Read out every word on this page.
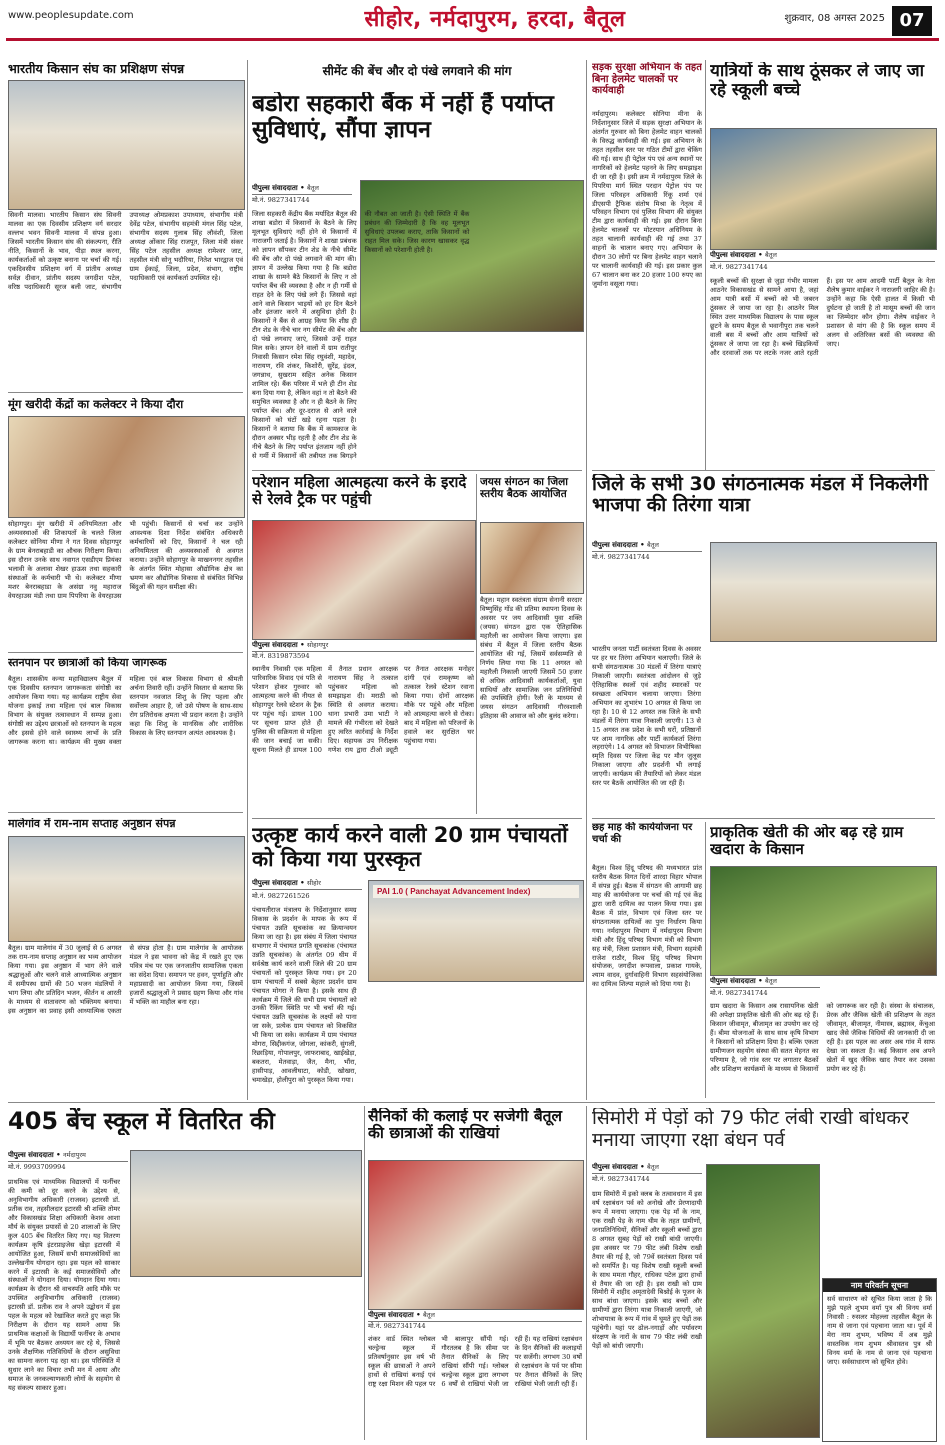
www.peoplesupdate.com	सीहोर, नर्मदापुरम, हरदा, बैतूल	शुक्रवार, 08 अगस्त 2025 07
भारतीय किसान संघ का प्रशिक्षण संपन्न

सिवनी मालवा। भारतीय किसान संघ सिवनी मालवा का एक दिवसीय प्रशिक्षण वर्ग सरदार वल्लभ भवन सिवनी मालवा में संपन्न हुआ। जिसमें भारतीय किसान संघ की संकल्पना, रीति नीति, किसानों के भाव, पीड़ा स्थल करना, कार्यकर्ताओं को उत्कृष्ट बनाना पर चर्चा की गई। एकदिवसीय प्रशिक्षण वर्ग में प्रांतीय अध्यक्ष सर्वज्ञ दीवान, प्रांतीय सदस्य जगदीश पटेल, वरिष्ठ पदाधिकारी सूरज बली जाट, संभागीय उपाध्यक्ष ओमप्रकाश उपाध्याय, संभागीय मंत्री देवेंद्र पटेल, संभागीय सहमंत्री मंगल सिंह पटेल, संभागीय सदस्य गुलाब सिंह लौवंशी, जिला अध्यक्ष ओंकार सिंह राजपूत, जिला मंत्री संकर सिंह पटेल तहसील अध्यक्ष रामेश्वर जाट, तहसील मंत्री सोनू भदौरिया, नितेश भारद्वाज एवं ग्राम ईकाई, जिला, प्रदेश, संभाग, राष्ट्रीय पदाधिकारी एवं कार्यकर्ता उपस्थित रहे।

मूंग खरीदी केंद्रों का कलेक्टर ने किया दौरा

सोहागपुर। मूंग खरीदी में अनियमितता और अव्यवस्थाओं की शिकायतों के चलते जिला कलेक्टर सोनिया मीणा ने गत दिवस सोहागपुर के ग्राम बेनराबहाडी का औचक निरीक्षण किया। इस दौरान उनके साथ नवागत एसडीएम प्रियंका भलावी के अलावा शेखर हाऊस तथा सहकारी संस्थाओं के कर्मचारी भी थे। कलेक्टर मीणा मशर बेनराबहाडा के असंग्रा नवु महाराज वेयरहाउस मंडी तथा ग्राम पिपरिया के वेयरहाउस भी पहुंची। किसानों से चर्चा कर उन्होंने आवश्यक दिशा निर्देश संबंधित अधिकारी कर्मचारियों को दिए, किसानों ने चल रही अनियमितता की अव्यवस्थाओं से अवगत कराया। उन्होंने सोहागपुर के माखननगर तहसील के अंतर्गत स्थित मोहासा औद्योगिक क्षेत्र का भ्रमण कर औद्योगिक विकास से संबंधित विभिन्न बिंदुओं की गहन समीक्षा की।

स्तनपान पर छात्राओं को किया जागरूक

बैतूल। शासकीय कन्या महाविद्यालय बैतूल में एक दिवसीय स्तनपान जागरूकता संगोष्ठी का आयोजन किया गया। यह कार्यक्रम राष्ट्रीय सेवा योजना इकाई तथा महिला एवं बाल विकास विभाग के संयुक्त तत्वावधान में सम्पन्न हुआ। संगोष्ठी का उद्देश्य छात्राओं को स्तनपान के महत्व और इससे होने वाले स्वास्थ्य लाभों के प्रति जागरूक करना था। कार्यक्रम की मुख्य वक्ता महिला एवं बाल विकास विभाग से श्रीमती अर्चना तिवारी रहीं। उन्होंने विस्तार से बताया कि स्तनपान नवजात शिशु के लिए पहला और सर्वोत्तम आहार है, जो उसे पोषण के साथ-साथ रोग प्रतिरोधक क्षमता भी प्रदान करता है। उन्होंने कहा कि शिशु के मानसिक और शारीरिक विकास के लिए स्तनपान अत्यंत आवश्यक है।

मालेगांव में राम-नाम सप्ताह अनुष्ठान संपन्न

बैतूल। ग्राम मालेगांव में 30 जुलाई से 6 अगस्त तक राम-नाम सप्ताह अनुष्ठान का भव्य आयोजन किया गया। इस अनुष्ठान में भाग लेने वाले श्रद्धालुओं और चलने वाले आध्यात्मिक अनुष्ठान में समीपस्थ ग्रामों की 50 भजन मंडलियों ने भाग लिया और प्रतिदिन भजन, कीर्तन व आरती के माध्यम से वातावरण को भक्तिमय बनाया। इस अनुष्ठान का प्रवाह इसी आध्यात्मिक एकता से संपन्न होता है। ग्राम मालेगांव के आयोजक मंडल ने इस भावना को केंद्र में रखते हुए एक पवित्र मंच पर एक जनजातीय सामाजिक एकता का संदेश दिया। समापन पर हवन, पूर्णाहुति और महाप्रसादी का आयोजन किया गया, जिसमें हजारों श्रद्धालुओं ने प्रसाद ग्रहण किया और गांव में भक्ति का माहौल बना रहा।

सीमेंट की बेंच और दो पंखे लगवाने की मांग
बडोरा सहकारी बैंक में नहीं हैं पर्याप्त सुविधाएं, सौंपा ज्ञापन
पीपुल्स संवाददाता • बैतूल
मो.नं. 9827341744

जिला सहकारी केंद्रीय बैंक मर्यादित बैतूल की शाखा बडोरा में किसानों के बैठने के लिए मूलभूत सुविधाएं नहीं होने से किसानों में नाराजगी जताई है। किसानों ने शाखा प्रबंधक को ज्ञापन सौंपकर टीन शेड के नीचे सीमेंट की बेंच और दो पंखे लगवाने की मांग की। ज्ञापन में उल्लेख किया गया है कि बडोरा शाखा के सामने बैठे किसानों के लिए न तो पर्याप्त बैंच की व्यवस्था है और न ही गर्मी से राहत देने के लिए पंखे लगे हैं। जिससे वहां आने वाले किसान भाइयों को हर दिन बैठने और इंतजार करने में असुविधा होती है। किसानों ने बैंक से आग्रह किया कि शीघ्र ही टीन शेड के नीचे चार नग सीमेंट की बेंच और दो पंखे लगवाए जाएं, जिससे उन्हें राहत मिल सके। ज्ञापन देने वालों में ग्राम रातीपुर निवासी किसान रमेश सिंह रघुवंशी, महादेव, नारायण, रवि शंकर, किशोरी, सुरेंद्र, इंदल, जगन्नाथ, सुखराम सहित अनेक किसान शामिल रहे। बैंक परिसर में भले ही टीन शेड बना दिया गया है, लेकिन वहां न तो बैठने की समुचित व्यवस्था है और न ही बैठने के लिए पर्याप्त बेंच। और दूर-दराज से आने वाले किसानों को घंटों खड़े रहना पड़ता है। किसानों ने बताया कि बैंक में कामकाज के दौरान अक्सर भीड़ रहती है और टीन शेड के नीचे बैठने के लिए पर्याप्त इंतजाम नहीं होने से गर्मी में किसानों की तबीयत तक बिगड़ने की नौबत आ जाती है। ऐसी स्थिति में बैंक प्रबंधन की जिम्मेदारी है कि वह मूलभूत सुविधाएं उपलब्ध कराए, ताकि किसानों को राहत मिल सके। जिस कारण खासकर वृद्ध किसानों को परेशानी होती है।

परेशान महिला आत्महत्या करने के इरादे से रेलवे ट्रैक पर पहुंची
पीपुल्स संवाददाता • सोहागपुर
मो.नं. 8319873594

स्थानीय निवासी एक महिला पारिवारिक विवाद एवं पति से परेशान होकर गुरुवार को आत्महत्या करने की नीयत से सोहागपुर रेलवे स्टेशन के ट्रैक पर पहुंच गई। डायल 100 पर सूचना प्राप्त होते ही पुलिस की सक्रियता से महिला की जान बचाई जा सकी। सूचना मिलते ही डायल 100 में तैनात प्रधान आरक्षक नारायण सिंह ने तत्काल पहुंचकर महिला को समझाइश दी। मराठी को स्थिति से अवगत कराया। थाना प्रभारी उमा भाटी ने मामले की गंभीरता को देखते हुए त्वरित कार्रवाई के निर्देश दिए। सहायक उप निरीक्षक गणेश राय द्वारा टीओ ड्यूटी पर तैनात आरक्षक मनोहर दांगी एवं रामकृष्ण को तत्काल रेलवे स्टेशन रवाना किया गया। दोनों आरक्षक मौके पर पहुंचे और महिला को आत्महत्या करने से रोका। बाद में महिला को परिजनों के हवाले कर सुरक्षित घर पहुंचाया गया।

जयस संगठन का जिला स्तरीय बैठक आयोजित

बैतूल। महान स्वतंत्रता संग्राम सेनानी सरदार विष्णुसिंह गोंड की प्रतिमा स्थापना दिवस के अवसर पर जय आदिवासी युवा शक्ति (जयस) संगठन द्वारा एक ऐतिहासिक महारैली का आयोजन किया जाएगा। इस संबंध में बैतूल में जिला स्तरीय बैठक आयोजित की गई, जिसमें सर्वसम्मति से निर्णय लिया गया कि 11 अगस्त को महारैली निकाली जाएगी जिसमें 50 हजार से अधिक आदिवासी कार्यकर्ताओं, युवा साथियों और सामाजिक जन प्रतिनिधियों की उपस्थिति होगी। रैली के माध्यम से जयस संगठन आदिवासी गौरवशाली इतिहास की आवाज को और बुलंद करेगा।

उत्कृष्ट कार्य करने वाली 20 ग्राम पंचायतों को किया गया पुरस्कृत
पीपुल्स संवाददाता • सीहोर
मो.नं. 9827261526	PAI 1.0 ( Panchayat Advancement Index)

पंचायतीराज मंत्रालय के निर्देशानुसार समग्र विकास के प्रदर्शन के मापक के रूप में पंचायत उन्नति सूचकांक का क्रियान्वयन किया जा रहा है। इस संबंध में जिला पंचायत सभागार में पंचायत प्रगति सूचकांक (पंचायत उन्नति सूचकांक) के अंतर्गत 09 थीम में सर्वश्रेष्ठ कार्य करने वाली जिले की 20 ग्राम पंचायतों को पुरस्कृत किया गया। इन 20 ग्राम पंचायतों में सबसे बेहतर प्रदर्शन ग्राम पंचायत मोगरा ने किया है। इसके साथ ही कार्यक्रम में जिले की सभी ग्राम पंचायतों को उनकी रैंकिंग स्थिति पर भी चर्चा की गई। पंचायत उन्नति सूचकांक के लक्ष्यों को पाना जा सके, प्रत्येक ग्राम पंचायत को विकसित भी किया जा सके। कार्यक्रम में ग्राम पंचायत मोगरा, सिद्दीकगंज, जोगला, कांकरी, सुंगली, रिछाड़िया, गोपालपुर, जाफराबाद, खाईखेड़ा, बकतरा, मेतवाड़ा, जैत, मैना, भौंरा, हासीपाड़, आवलीघाटा, कोडी, खोखरा, चमाखेड़ा, होलीपुरा को पुरस्कृत किया गया।

सड़क सुरक्षा अभियान के तहत बिना हेलमेट चालकों पर कार्यवाही

नर्मदापुरम। कलेक्टर सोनिया मीना के निर्देशानुसार जिले में सड़क सुरक्षा अभियान के अंतर्गत गुरुवार को बिना हेलमेट वाहन चालकों के विरुद्ध कार्यवाही की गई। इस अभियान के तहत तहसील स्तर पर गठित टीमों द्वारा चेकिंग की गई। साथ ही पेट्रोल पंप एवं अन्य स्थानों पर नागरिकों को हेलमेट पहनने के लिए समझाइश दी जा रही है। इसी क्रम में नर्मदापुरम जिले के पिपरिया मार्ग स्थित परदान पेट्रोल पंप पर जिला परिवहन अधिकारी रिंकू शर्मा एवं डीएसपी ट्रैफिक संतोष मिश्रा के नेतृत्व में परिवहन विभाग एवं पुलिस विभाग की संयुक्त टीम द्वारा कार्यवाही की गई। इस दौरान बिना हेलमेट चालकों पर मोटरयान अधिनियम के तहत चालानी कार्यवाही की गई तथा 37 वाहनों के चालान बनाए गए। अभियान के दौरान 30 लोगों पर बिना हेलमेट वाहन चलाने पर चालानी कार्यवाही की गई। इस प्रकार कुल 67 चालान बना कर 20 हजार 100 रुपए का जुर्माना वसूला गया।

यात्रियों के साथ ठूंसकर ले जाए जा रहे स्कूली बच्चे
पीपुल्स संवाददाता • बैतूल
मो.नं. 9827341744

स्कूली बच्चों की सुरक्षा से जुड़ा गंभीर मामला आठनेर विकासखंड से सामने आया है, जहां आम यात्री बसों में बच्चों को भी जबरन ठूंसकर ले जाया जा रहा है। आठनेर मिल स्थित उत्तर माध्यमिक विद्यालय के पास स्कूल छूटने के समय बैतूल से भवानीपुरा तक चलने वाली बस में बच्चों और आम यात्रियों को ठूंसकर ले जाया जा रहा है। बच्चे खिड़कियों और दरवाजों तक पर लटके नजर आते रहती हैं। इस पर आम आदमी पार्टी बैतूल के नेता शैलेष कुमार वाईकर ने नाराजगी जाहिर की है। उन्होंने कहा कि ऐसी हालत में किसी भी दुर्घटना हो जाती है तो मासूम बच्चों की जान का जिम्मेदार कौन होगा। शैलेष वाईकर ने प्रशासन से मांग की है कि स्कूल समय में अलग से अतिरिक्त बसों की व्यवस्था की जाए।

जिले के सभी 30 संगठनात्मक मंडल में निकलेगी भाजपा की तिरंगा यात्रा
पीपुल्स संवाददाता • बैतूल
मो.नं. 9827341744

भारतीय जनता पार्टी स्वतंत्रता दिवस के अवसर पर हर घर तिरंगा अभियान चलाएगी। जिले के सभी संगठनात्मक 30 मंडलों में तिरंगा यात्राएं निकाली जाएगी। स्वतंत्रता आंदोलन से जुड़े ऐतिहासिक स्थलों एवं शहीद स्मारकों पर स्वच्छता अभियान चलाया जाएगा। तिरंगा अभियान का शुभारंभ 10 अगस्त से किया जा रहा है। 10 से 12 अगस्त तक जिले के सभी मंडलों में तिरंगा यात्रा निकाली जाएगी। 13 से 15 अगस्त तक प्रदेश के सभी घरों, प्रतिष्ठानों पर आम नागरिक और पार्टी कार्यकर्ता तिरंगा लहराएंगे। 14 अगस्त को विभाजन विभीषिका स्मृति दिवस पर जिला केंद्र पर मौन जुलूस निकाला जाएगा और प्रदर्शनी भी लगाई जाएगी। कार्यक्रम की तैयारियों को लेकर मंडल स्तर पर बैठकें आयोजित की जा रही हैं।

छह माह की कार्ययोजना पर चर्चा की

बैतूल। विश्व हिंदू परिषद की मध्यभारत प्रांत स्तरीय बैठक विगत दिनों शारदा विहार भोपाल में संपन्न हुई। बैठक में संगठन की आगामी छह माह की कार्ययोजना पर चर्चा की गई एवं केंद्र द्वारा जारी दायित्व का पालन किया गया। इस बैठक में प्रांत, विभाग एवं जिला स्तर पर संगठनात्मक दायित्वों का पुनः निर्धारण किया गया। नर्मदापुरम विभाग में नर्मदापुरम विभाग मंत्री और हिंदू परिषद विभाग मंत्री को विभाग सह मंत्री, जिला प्रशासन मंत्री, विभाग सहमंत्री राजेश राठौर, विश्व हिंदू परिषद विभाग संयोजक, जगदीश रूपवाला, प्रकाश गायके, श्याम वादव, दुर्गावाहिनी विभाग सहसंयोजिका का दायित्व शिल्पा महाले को दिया गया है।

प्राकृतिक खेती की ओर बढ़ रहे ग्राम खदारा के किसान
पीपुल्स संवाददाता • बैतूल
मो.नं. 9827341744

ग्राम खदारा के किसान अब रासायनिक खेती की अपेक्षा प्राकृतिक खेती की ओर बढ़ रहे हैं। किसान जीवामृत, बीजामृत का उपयोग कर रहे हैं। बीमा योजनाओं के साथ साथ कृषि विभाग ने किसानों को प्रशिक्षण दिया है। बल्कि एकता ग्रामीणजन सहयोग संस्था की सतत मेहनत का परिणाम है, जो गांव स्तर पर लगातार बैठकों और प्रशिक्षण कार्यक्रमों के माध्यम से किसानों को जागरूक कर रही है। संस्था के संचालक, प्रेरक और जैविक खेती की प्रशिक्षण के तहत जीवामृत, बीजामृत, नीमास्त्र, ब्रह्मास्त्र, केंचुआ खाद जैसे जैविक विधियों की जानकारी दी जा रही है। इस पहल का असर अब गांव में साफ देखा जा सकता है। कई किसान अब अपने खेतों में खुद जैविक खाद तैयार कर उसका प्रयोग कर रहे हैं।

405 बेंच स्कूल में वितरित की
पीपुल्स संवाददाता • नर्मदापुरम
मो.नं. 9993709994

प्राथमिक एवं माध्यमिक विद्यालयों में फर्नीचर की कमी को दूर करने के उद्देश्य से, अनुविभागीय अधिकारी (राजस्व) इटारसी डॉ. प्रतीक राव, तहसीलदार इटारसी श्री शक्ति तोमर और विकासखंड शिक्षा अधिकारी केशव आशा मौर्य के संयुक्त प्रयासों से 20 शालाओं के लिए कुल 405 बेंच वितरित किए गए। यह वितरण कार्यक्रम कृषि इंटरप्राइजेस खेड़ा इटारसी में आयोजित हुआ, जिसमें सभी समाजसेवियों का उल्लेखनीय योगदान रहा। इस पहल को साकार करने में इटारसी के कई समाजसेवियों और संस्थाओं ने योगदान दिया। योगदान दिया गया। कार्यक्रम के दौरान श्री वाचस्पति आदि मौके पर उपस्थित अनुविभागीय अधिकारी (राजस्व) इटारसी डॉ. प्रतीक राव ने अपने उद्बोधन में इस पहल के महत्व को रेखांकित करते हुए कहा कि निरीक्षण के दौरान यह सामने आया कि प्राथमिक कक्षाओं के विद्यार्थी फर्नीचर के अभाव में भूमि पर बैठकर अध्ययन कर रहे थे, जिससे उनके शैक्षणिक गतिविधियों के दौरान असुविधा का सामना करना पड़ रहा था। इस परिस्थिति में सुधार लाने का विचार तभी मन में आया और समाज के जनकल्याणकारी लोगों के सहयोग से यह संकल्प साकार हुआ।

सैनिकों की कलाई पर सजेगी बैतूल की छात्राओं की राखियां
पीपुल्स संवाददाता • बैतूल
मो.नं. 9827341744

शंकर वार्ड स्थित ग्लोबल चल्ड्रेन्स स्कूल में प्रतिवर्षानुसार इस वर्ष भी स्कूल की छात्राओं ने अपने हाथों से राखियां बनाई एवं राष्ट्र रक्षा मिशन की पहल पर भी बालापुर सौंपी गई। गौरतलब है कि सीमा पर तैनात सैनिकों के लिए राखियां सौंपी गई। ग्लोबल चल्ड्रेन्स स्कूल द्वारा लगभग 6 वर्षों से राखियां भेजी जा रही हैं। यह राखियां रक्षाबंधन के दिन सैनिकों की कलाइयों पर सजेंगी। लगभग 30 वर्षों से रक्षाबंधन के पर्व पर सीमा पर तैनात सैनिकों के लिए राखियां भेजी जाती रही हैं।

सिमोरी में पेड़ों को 79 फीट लंबी राखी बांधकर मनाया जाएगा रक्षा बंधन पर्व
पीपुल्स संवाददाता • बैतूल
मो.नं. 9827341744

ग्राम सिमोरी में इको क्लब के तत्वावधान में इस वर्ष रक्षाबंधन पर्व को अनोखे और प्रेरणादायी रूप में मनाया जाएगा। एक पेड़ माँ के नाम, एक राखी पेड़ के नाम थीम के तहत ग्रामीणों, जनप्रतिनिधियों, सैनिकों और स्कूली बच्चों द्वारा 8 अगस्त सुबह पेड़ों को राखी बांधी जाएगी। इस अवसर पर 79 फीट लंबी विशेष राखी तैयार की गई है, जो 79वें स्वतंत्रता दिवस पर्व को समर्पित है। यह विशेष राखी स्कूली बच्चों के साथ ममता गौहर, राधिका पटेल द्वारा हाथों से तैयार की जा रही है। इस राखी को ग्राम सिमोरी में शहीद अमृतादेवी बिश्नोई के पूजन के साथ बांधा जाएगा। इसके बाद बच्चों और ग्रामीणों द्वारा तिरंगा यात्रा निकाली जाएगी, जो शोभायात्रा के रूप में गांव में घूमते हुए पेड़ों तक पहुंचेगी। यहां पर ढोल-नगाड़ों और पर्यावरण संरक्षण के नारों के साथ 79 फीट लंबी राखी पेड़ों को बांधी जाएगी।

नाम परिवर्तन सूचना
सर्व साधारण को सूचित किया जाता है कि मुझे पहले शुभम वर्मा पुत्र श्री विनय वर्मा निवासी : रुसलर मोहल्ला तहसील बैतूल के नाम से जाना एवं पहचाना जाता था। पूर्व में मेरा नाम शुभम, भविष्य में अब मुझे वास्तविक नाम शुभम श्रीवास्तव पुत्र श्री विनय वर्मा के नाम से जाना एवं पहचाना जाए। सर्वसाधारण को सूचित होवे।
